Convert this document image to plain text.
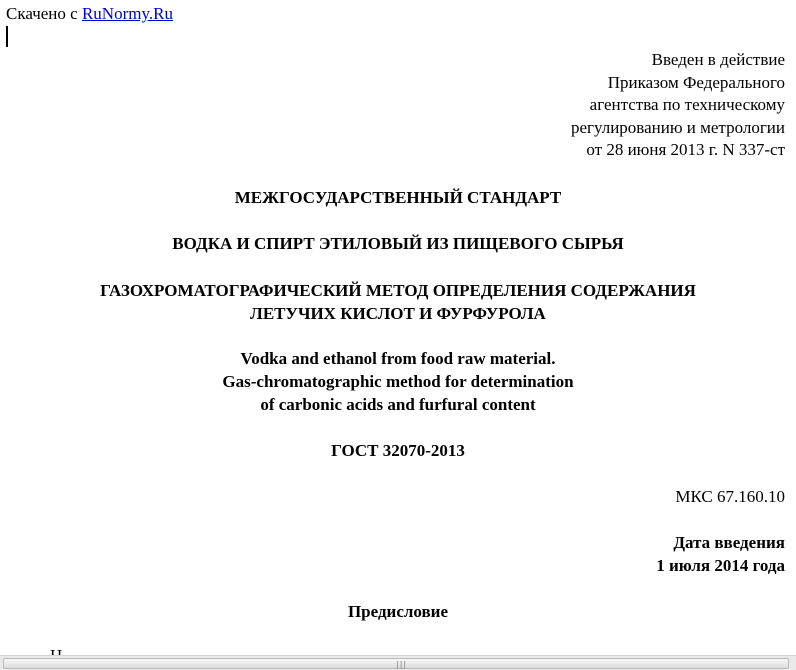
Скачено с RuNormy.Ru
Введен в действие
Приказом Федерального
агентства по техническому
регулированию и метрологии
от 28 июня 2013 г. N 337-ст
МЕЖГОСУДАРСТВЕННЫЙ СТАНДАРТ
ВОДКА И СПИРТ ЭТИЛОВЫЙ ИЗ ПИЩЕВОГО СЫРЬЯ
ГАЗОХРОМАТОГРАФИЧЕСКИЙ МЕТОД ОПРЕДЕЛЕНИЯ СОДЕРЖАНИЯ
ЛЕТУЧИХ КИСЛОТ И ФУРФУРОЛА
Vodka and ethanol from food raw material.
Gas-chromatographic method for determination
of carbonic acids and furfural content
ГОСТ 32070-2013
МКС 67.160.10
Дата введения
1 июля 2014 года
Предисловие
|||
